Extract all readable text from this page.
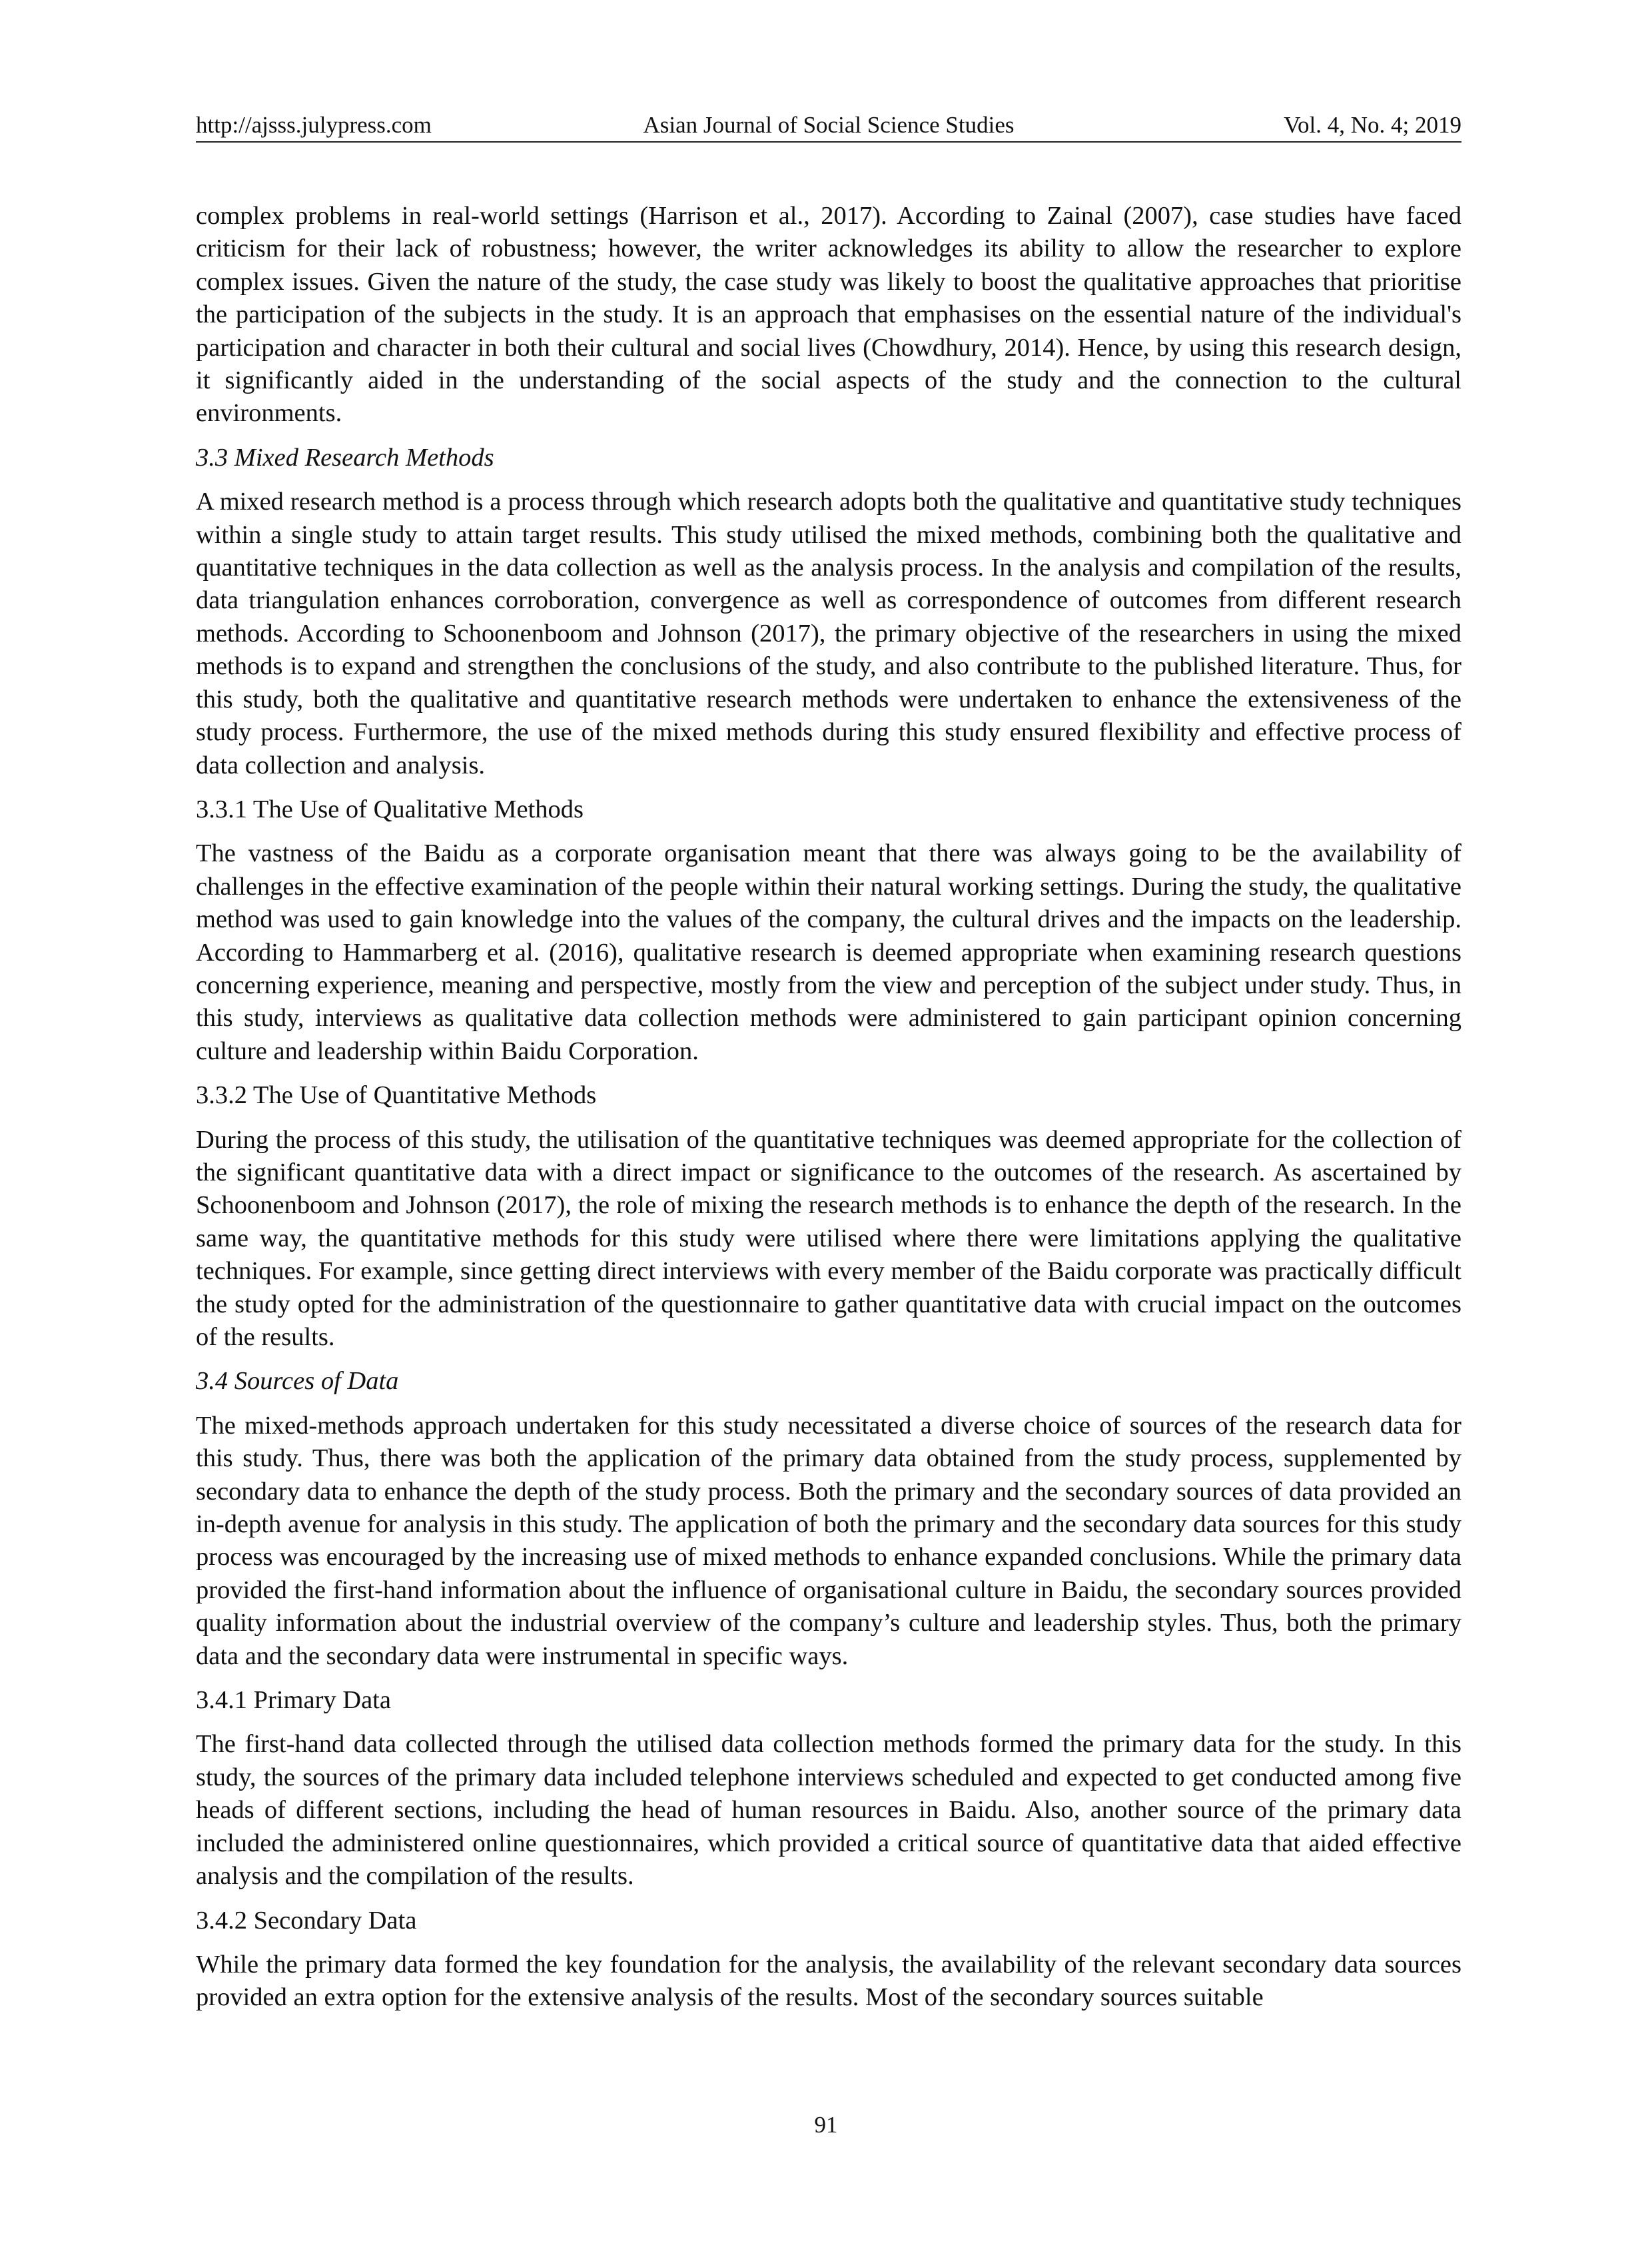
http://ajsss.julypress.com	Asian Journal of Social Science Studies	Vol. 4, No. 4; 2019

complex problems in real-world settings (Harrison et al., 2017). According to Zainal (2007), case studies have faced criticism for their lack of robustness; however, the writer acknowledges its ability to allow the researcher to explore complex issues. Given the nature of the study, the case study was likely to boost the qualitative approaches that prioritise the participation of the subjects in the study. It is an approach that emphasises on the essential nature of the individual's participation and character in both their cultural and social lives (Chowdhury, 2014). Hence, by using this research design, it significantly aided in the understanding of the social aspects of the study and the connection to the cultural environments.

3.3 Mixed Research Methods

A mixed research method is a process through which research adopts both the qualitative and quantitative study techniques within a single study to attain target results. This study utilised the mixed methods, combining both the qualitative and quantitative techniques in the data collection as well as the analysis process. In the analysis and compilation of the results, data triangulation enhances corroboration, convergence as well as correspondence of outcomes from different research methods. According to Schoonenboom and Johnson (2017), the primary objective of the researchers in using the mixed methods is to expand and strengthen the conclusions of the study, and also contribute to the published literature. Thus, for this study, both the qualitative and quantitative research methods were undertaken to enhance the extensiveness of the study process. Furthermore, the use of the mixed methods during this study ensured flexibility and effective process of data collection and analysis.

3.3.1 The Use of Qualitative Methods

The vastness of the Baidu as a corporate organisation meant that there was always going to be the availability of challenges in the effective examination of the people within their natural working settings. During the study, the qualitative method was used to gain knowledge into the values of the company, the cultural drives and the impacts on the leadership. According to Hammarberg et al. (2016), qualitative research is deemed appropriate when examining research questions concerning experience, meaning and perspective, mostly from the view and perception of the subject under study. Thus, in this study, interviews as qualitative data collection methods were administered to gain participant opinion concerning culture and leadership within Baidu Corporation.

3.3.2 The Use of Quantitative Methods

During the process of this study, the utilisation of the quantitative techniques was deemed appropriate for the collection of the significant quantitative data with a direct impact or significance to the outcomes of the research. As ascertained by Schoonenboom and Johnson (2017), the role of mixing the research methods is to enhance the depth of the research. In the same way, the quantitative methods for this study were utilised where there were limitations applying the qualitative techniques. For example, since getting direct interviews with every member of the Baidu corporate was practically difficult the study opted for the administration of the questionnaire to gather quantitative data with crucial impact on the outcomes of the results.

3.4 Sources of Data

The mixed-methods approach undertaken for this study necessitated a diverse choice of sources of the research data for this study. Thus, there was both the application of the primary data obtained from the study process, supplemented by secondary data to enhance the depth of the study process. Both the primary and the secondary sources of data provided an in-depth avenue for analysis in this study. The application of both the primary and the secondary data sources for this study process was encouraged by the increasing use of mixed methods to enhance expanded conclusions. While the primary data provided the first-hand information about the influence of organisational culture in Baidu, the secondary sources provided quality information about the industrial overview of the company’s culture and leadership styles. Thus, both the primary data and the secondary data were instrumental in specific ways.

3.4.1 Primary Data

The first-hand data collected through the utilised data collection methods formed the primary data for the study. In this study, the sources of the primary data included telephone interviews scheduled and expected to get conducted among five heads of different sections, including the head of human resources in Baidu. Also, another source of the primary data included the administered online questionnaires, which provided a critical source of quantitative data that aided effective analysis and the compilation of the results.

3.4.2 Secondary Data

While the primary data formed the key foundation for the analysis, the availability of the relevant secondary data sources provided an extra option for the extensive analysis of the results. Most of the secondary sources suitable

91
